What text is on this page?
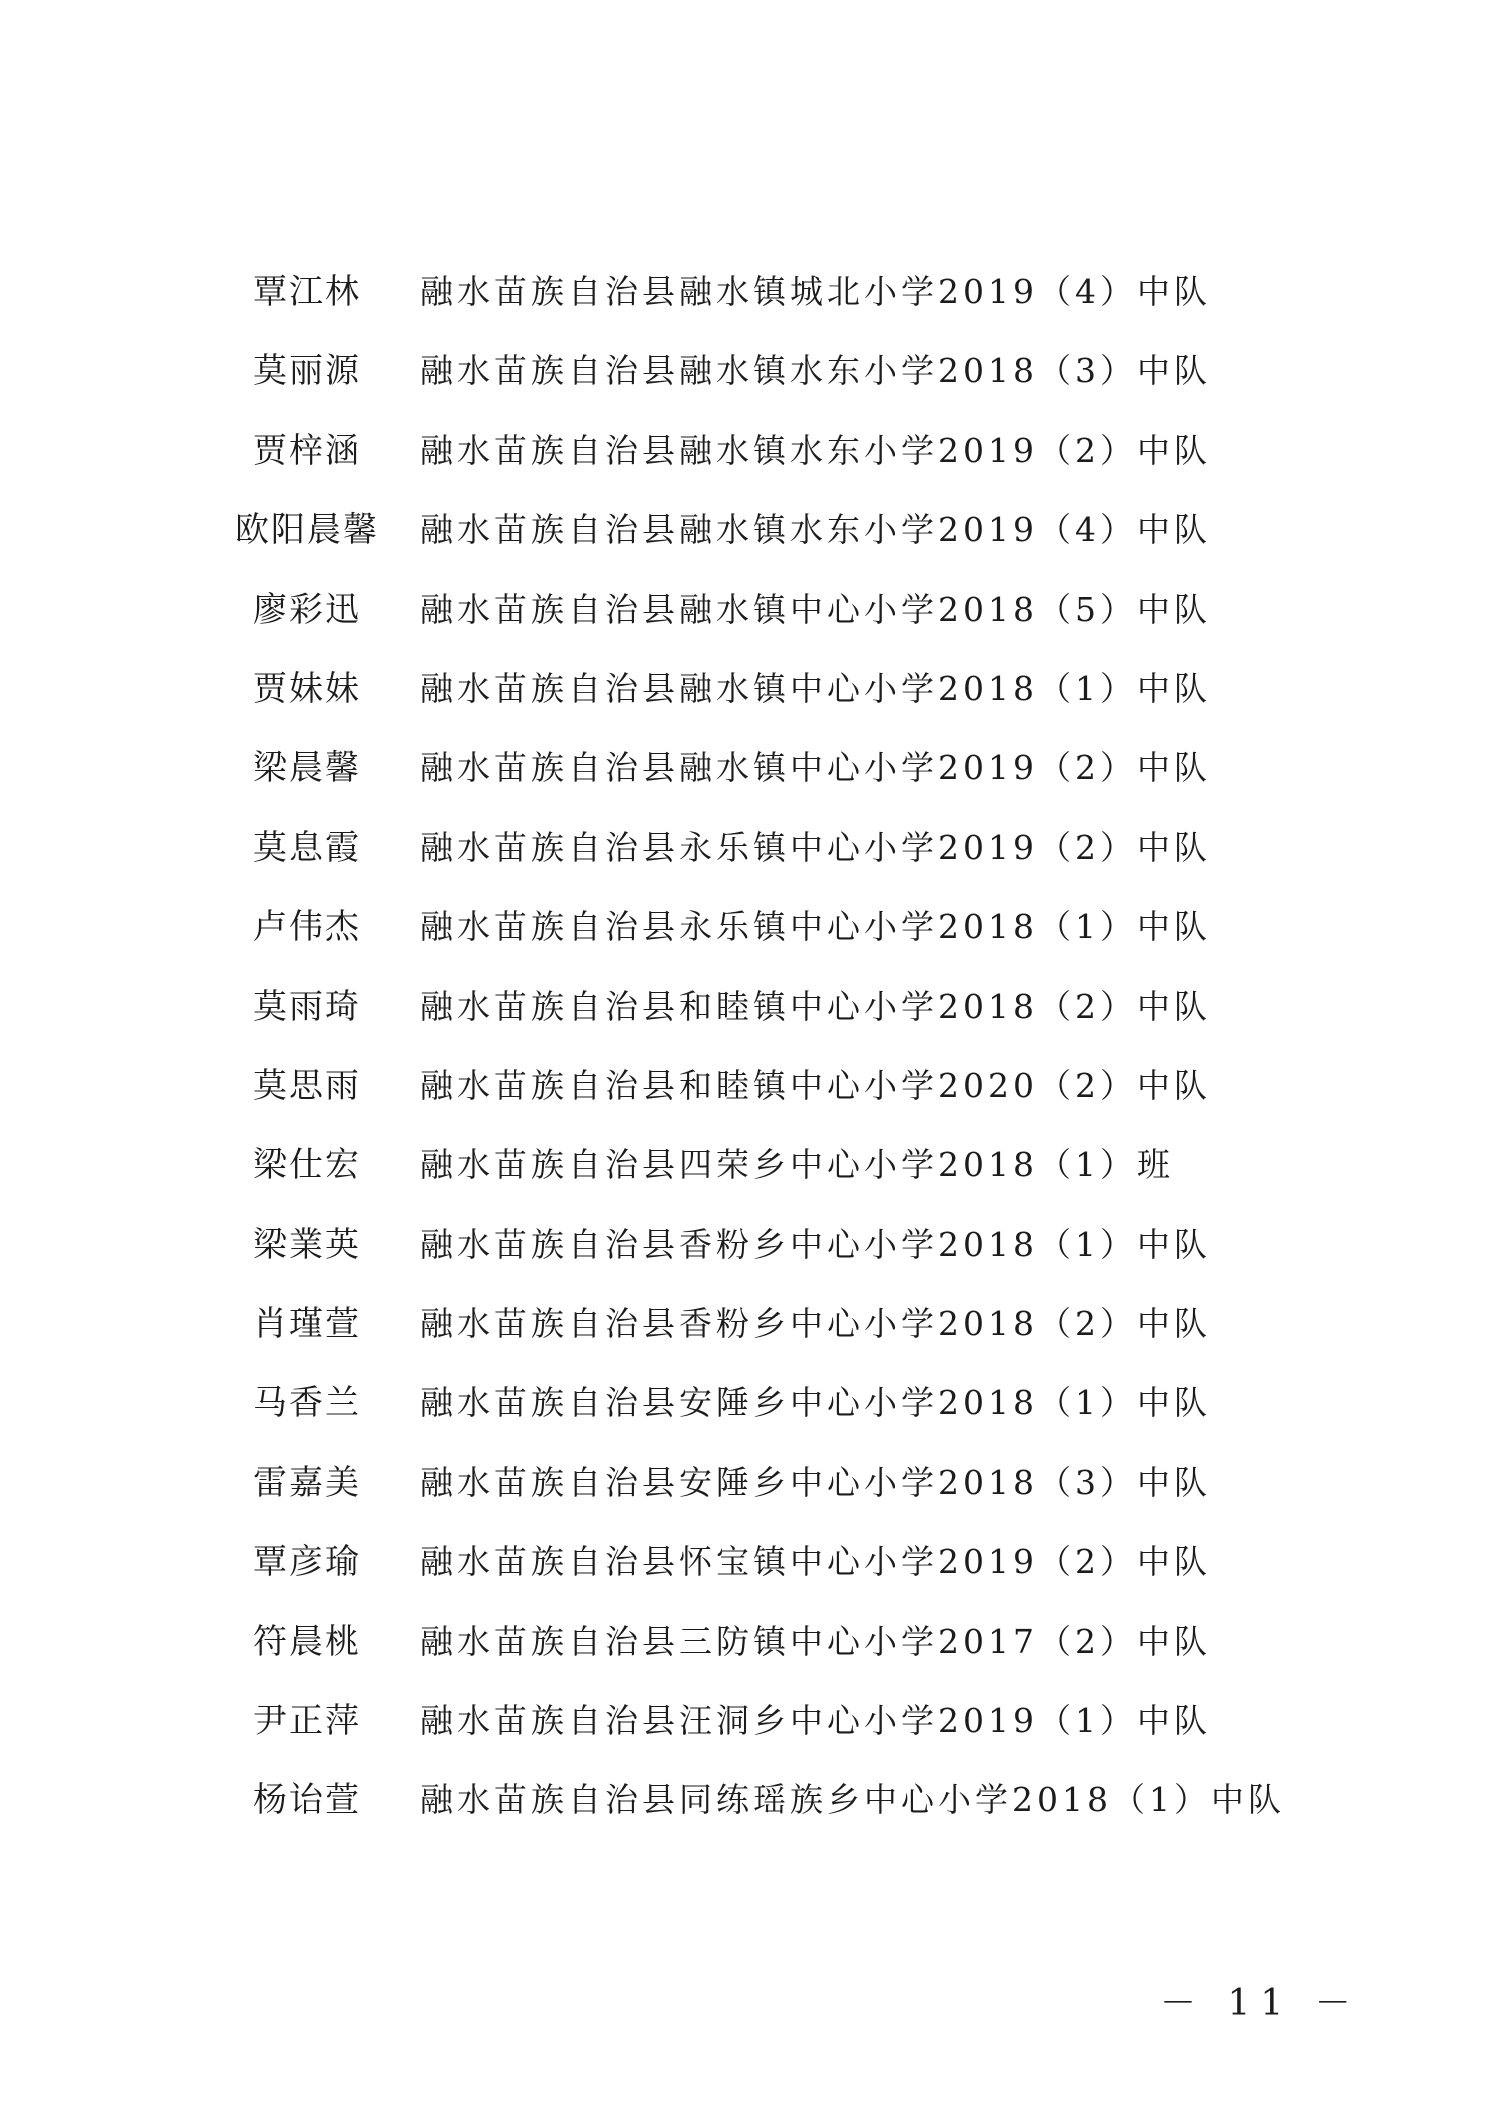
覃江林	融水苗族自治县融水镇城北小学2019（4）中队
莫丽源	融水苗族自治县融水镇水东小学2018（3）中队
贾梓涵	融水苗族自治县融水镇水东小学2019（2）中队
欧阳晨馨 融水苗族自治县融水镇水东小学2019（4）中队
廖彩迅	融水苗族自治县融水镇中心小学2018（5）中队
贾妹妹	融水苗族自治县融水镇中心小学2018（1）中队
梁晨馨	融水苗族自治县融水镇中心小学2019（2）中队
莫息霞	融水苗族自治县永乐镇中心小学2019（2）中队
卢伟杰	融水苗族自治县永乐镇中心小学2018（1）中队
莫雨琦	融水苗族自治县和睦镇中心小学2018（2）中队
莫思雨	融水苗族自治县和睦镇中心小学2020（2）中队
梁仕宏	融水苗族自治县四荣乡中心小学2018（1）班
梁業英	融水苗族自治县香粉乡中心小学2018（1）中队
肖瑾萱	融水苗族自治县香粉乡中心小学2018（2）中队
马香兰	融水苗族自治县安陲乡中心小学2018（1）中队
雷嘉美	融水苗族自治县安陲乡中心小学2018（3）中队
覃彦瑜	融水苗族自治县怀宝镇中心小学2019（2）中队
符晨桃	融水苗族自治县三防镇中心小学2017（2）中队
尹正萍	融水苗族自治县汪洞乡中心小学2019（1）中队
杨诒萱	融水苗族自治县同练瑶族乡中心小学2018（1）中队
－ 11 －
